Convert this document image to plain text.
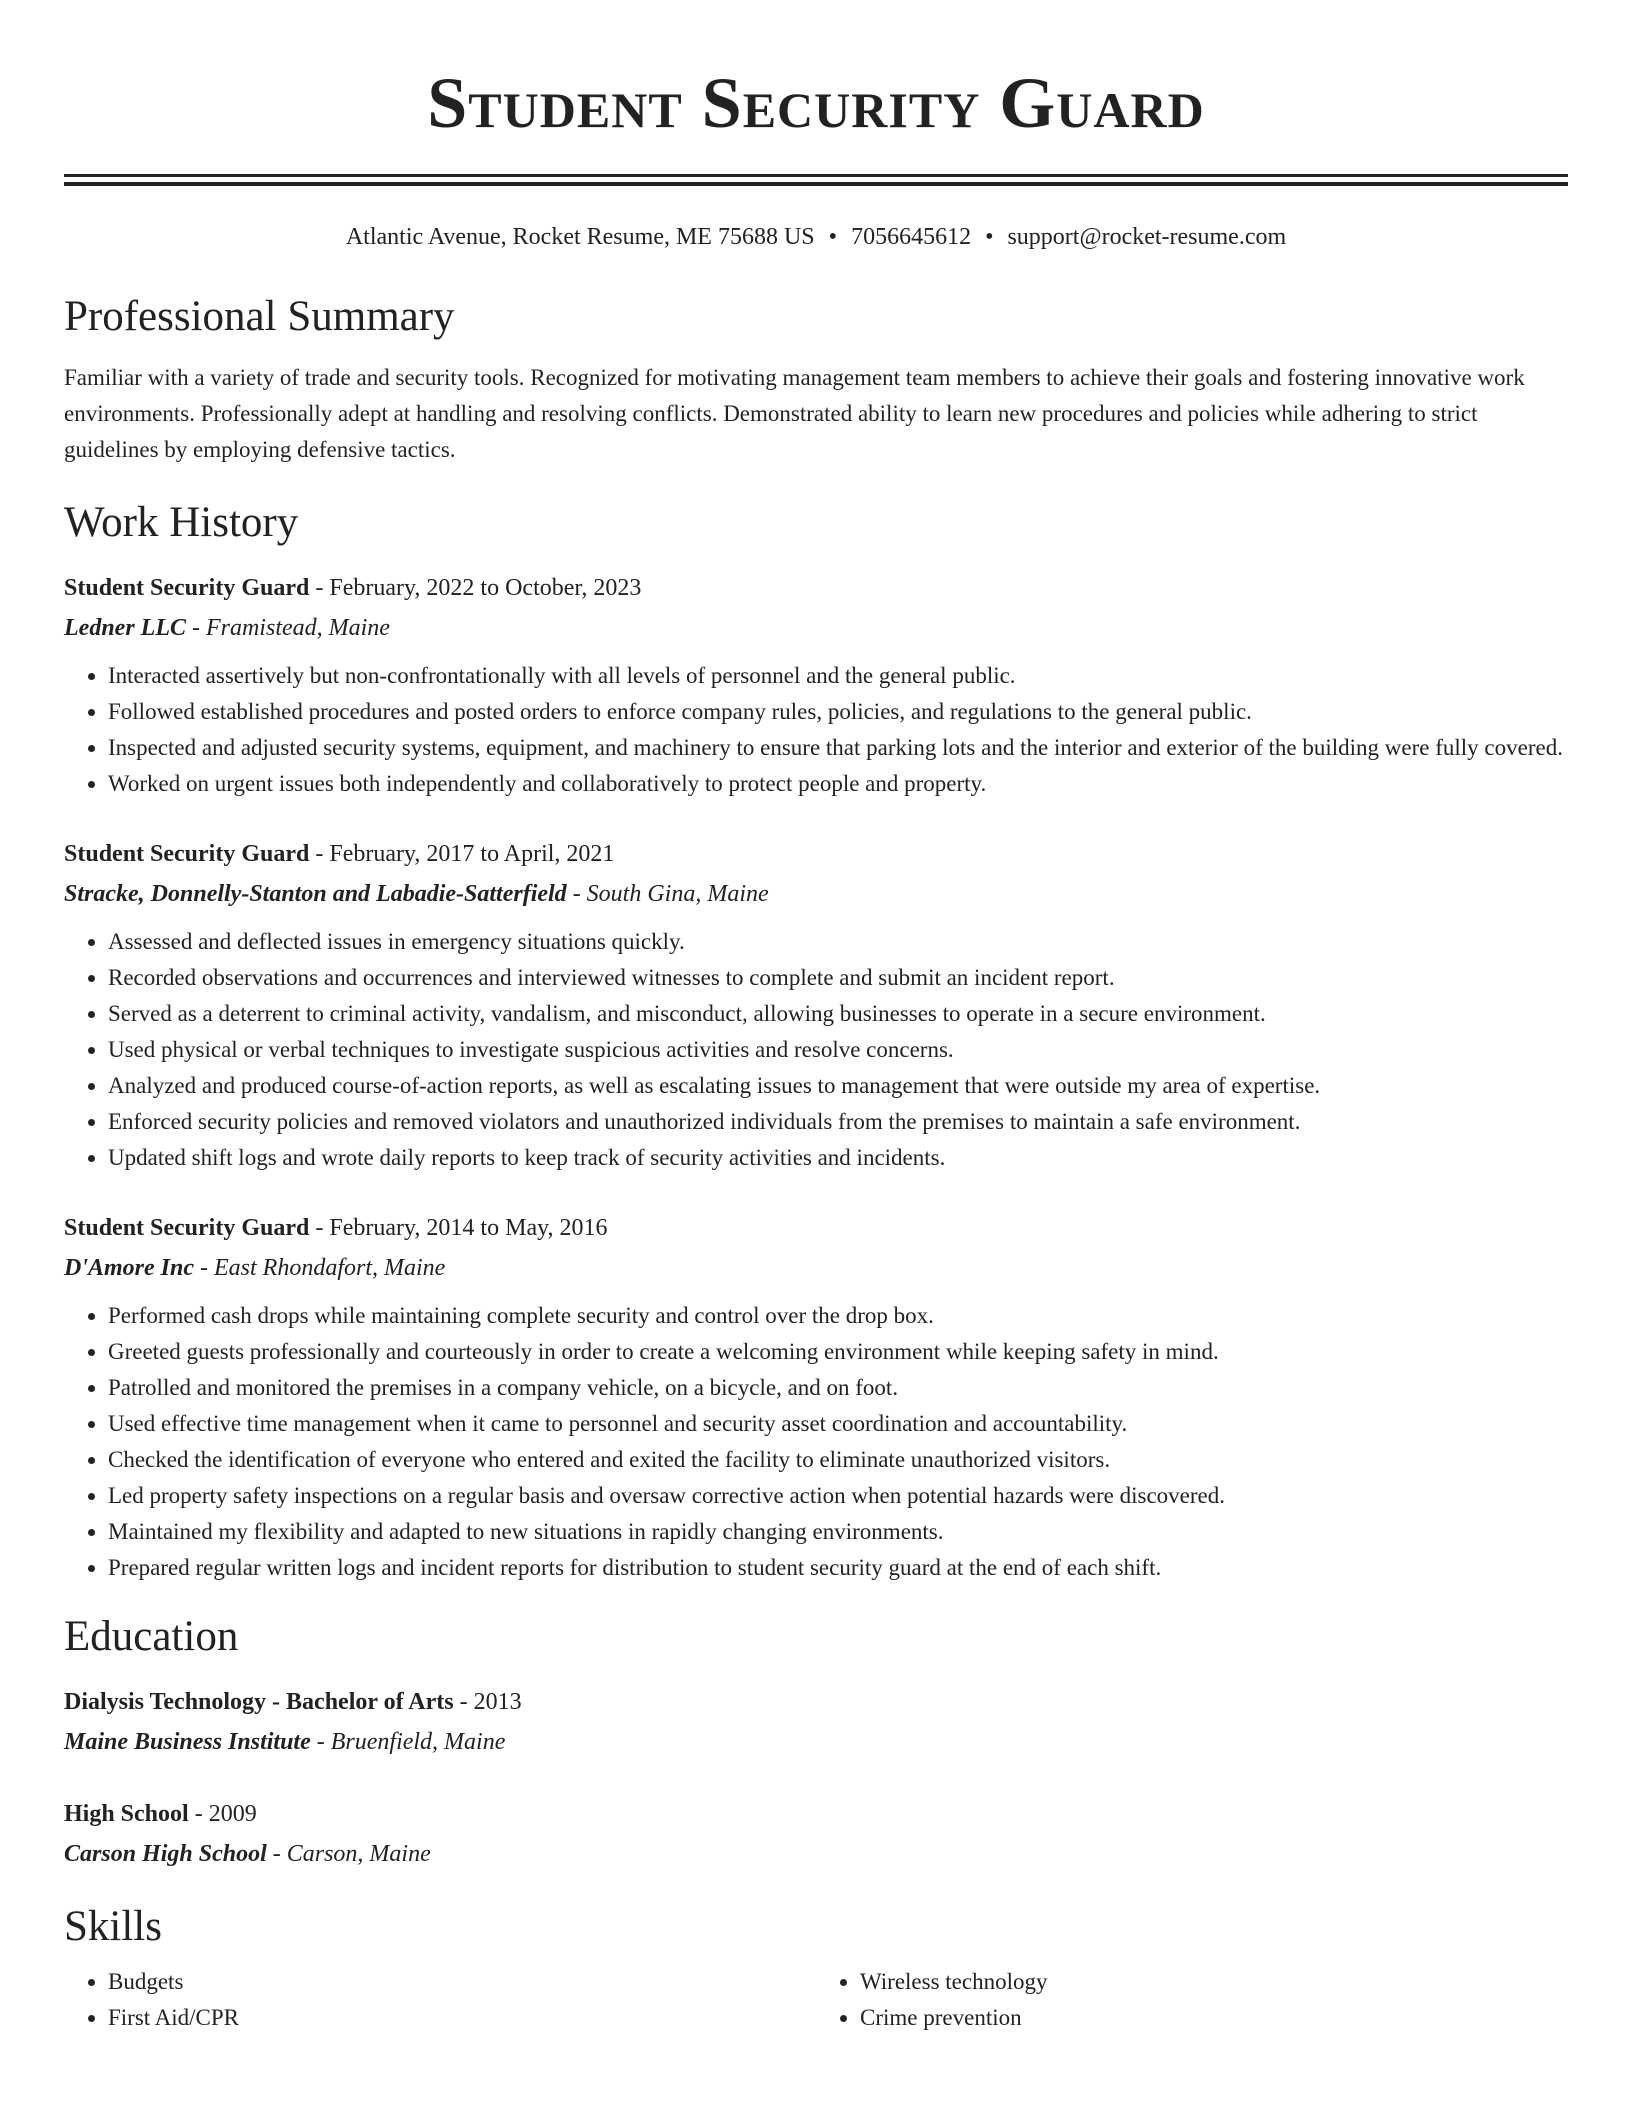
Student Security Guard
Atlantic Avenue, Rocket Resume, ME 75688 US • 7056645612 • support@rocket-resume.com
Professional Summary

Familiar with a variety of trade and security tools. Recognized for motivating management team members to achieve their goals and fostering innovative work environments. Professionally adept at handling and resolving conflicts. Demonstrated ability to learn new procedures and policies while adhering to strict guidelines by employing defensive tactics.

Work History
Student Security Guard - February, 2022 to October, 2023
Ledner LLC - Framistead, Maine
• Interacted assertively but non-confrontationally with all levels of personnel and the general public.
• Followed established procedures and posted orders to enforce company rules, policies, and regulations to the general public.
• Inspected and adjusted security systems, equipment, and machinery to ensure that parking lots and the interior and exterior of the building were fully covered.
• Worked on urgent issues both independently and collaboratively to protect people and property.
Student Security Guard - February, 2017 to April, 2021
Stracke, Donnelly-Stanton and Labadie-Satterfield - South Gina, Maine
• Assessed and deflected issues in emergency situations quickly.
• Recorded observations and occurrences and interviewed witnesses to complete and submit an incident report.
• Served as a deterrent to criminal activity, vandalism, and misconduct, allowing businesses to operate in a secure environment.
• Used physical or verbal techniques to investigate suspicious activities and resolve concerns.
• Analyzed and produced course-of-action reports, as well as escalating issues to management that were outside my area of expertise.
• Enforced security policies and removed violators and unauthorized individuals from the premises to maintain a safe environment.
• Updated shift logs and wrote daily reports to keep track of security activities and incidents.
Student Security Guard - February, 2014 to May, 2016
D'Amore Inc - East Rhondafort, Maine
• Performed cash drops while maintaining complete security and control over the drop box.
• Greeted guests professionally and courteously in order to create a welcoming environment while keeping safety in mind.
• Patrolled and monitored the premises in a company vehicle, on a bicycle, and on foot.
• Used effective time management when it came to personnel and security asset coordination and accountability.
• Checked the identification of everyone who entered and exited the facility to eliminate unauthorized visitors.
• Led property safety inspections on a regular basis and oversaw corrective action when potential hazards were discovered.
• Maintained my flexibility and adapted to new situations in rapidly changing environments.
• Prepared regular written logs and incident reports for distribution to student security guard at the end of each shift.
Education
Dialysis Technology - Bachelor of Arts - 2013
Maine Business Institute - Bruenfield, Maine
High School - 2009
Carson High School - Carson, Maine
Skills
• Budgets
• First Aid/CPR
• Wireless technology
• Crime prevention
